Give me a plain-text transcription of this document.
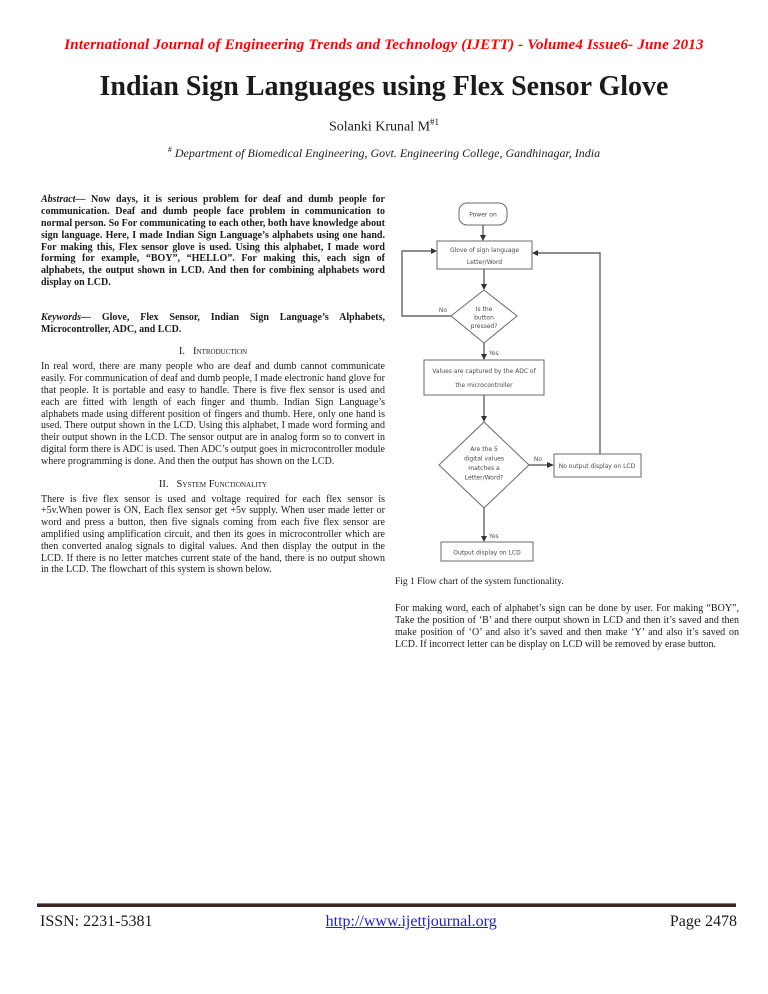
International Journal of Engineering Trends and Technology (IJETT) - Volume4 Issue6- June 2013
Indian Sign Languages using Flex Sensor Glove
Solanki Krunal $M^{\#1}$
# Department of Biomedical Engineering, Govt. Engineering College, Gandhinagar, India

Abstract— Now days, it is serious problem for deaf and dumb people for communication. Deaf and dumb people face problem in communication to normal person. So For communicating to each other, both have knowledge about sign language. Here, I made Indian Sign Language’s alphabets using one hand. For making this, Flex sensor glove is used. Using this alphabet, I made word forming for example, “BOY”, “HELLO”. For making this, each sign of alphabets, the output shown in LCD. And then for combining alphabets word display on LCD.

Keywords— Glove, Flex Sensor, Indian Sign Language’s Alphabets, Microcontroller, ADC, and LCD.

I. Introduction

In real word, there are many people who are deaf and dumb cannot communicate easily. For communication of deaf and dumb people, I made electronic hand glove for that people. It is portable and easy to handle. There is five flex sensor is used and each are fitted with length of each finger and thumb. Indian Sign Language’s alphabets made using different position of fingers and thumb. Here, only one hand is used. There output shown in the LCD. Using this alphabet, I made word forming and their output shown in the LCD. The sensor output are in analog form so to convert in digital form there is ADC is used. Then ADC’s output goes in microcontroller module where programming is done. And then the output has shown on the LCD.

II. System Functionality

There is five flex sensor is used and voltage required for each flex sensor is +5v.When power is ON, Each flex sensor get +5v supply. When user made letter or word and press a button, then five signals coming from each five flex sensor are amplified using amplification circuit, and then its goes in microcontroller which are then converted analog signals to digital values. And then display the output in the LCD. If there is no letter matches current state of the hand, there is no output shown in the LCD. The flowchart of this system is shown below.

Power on
Glove of sign language
Letter/Word
Is the
button
pressed?
No
Yes
Values are captured by the ADC of
the microcontroller
Are the 5
digital values
matches a
Letter/Word?
No
Yes
No output display on LCD
Output display on LCD
Fig 1 Flow chart of the system functionality.

For making word, each of alphabet’s sign can be done by user. For making “BOY”, Take the position of ‘B’ and there output shown in LCD and then it’s saved and then make position of ‘O’ and also it’s saved and then make ‘Y’ and also it’s saved on LCD. If incorrect letter can be display on LCD will be removed by erase button.

ISSN: 2231-5381	http://www.ijettjournal.org	Page 2478
